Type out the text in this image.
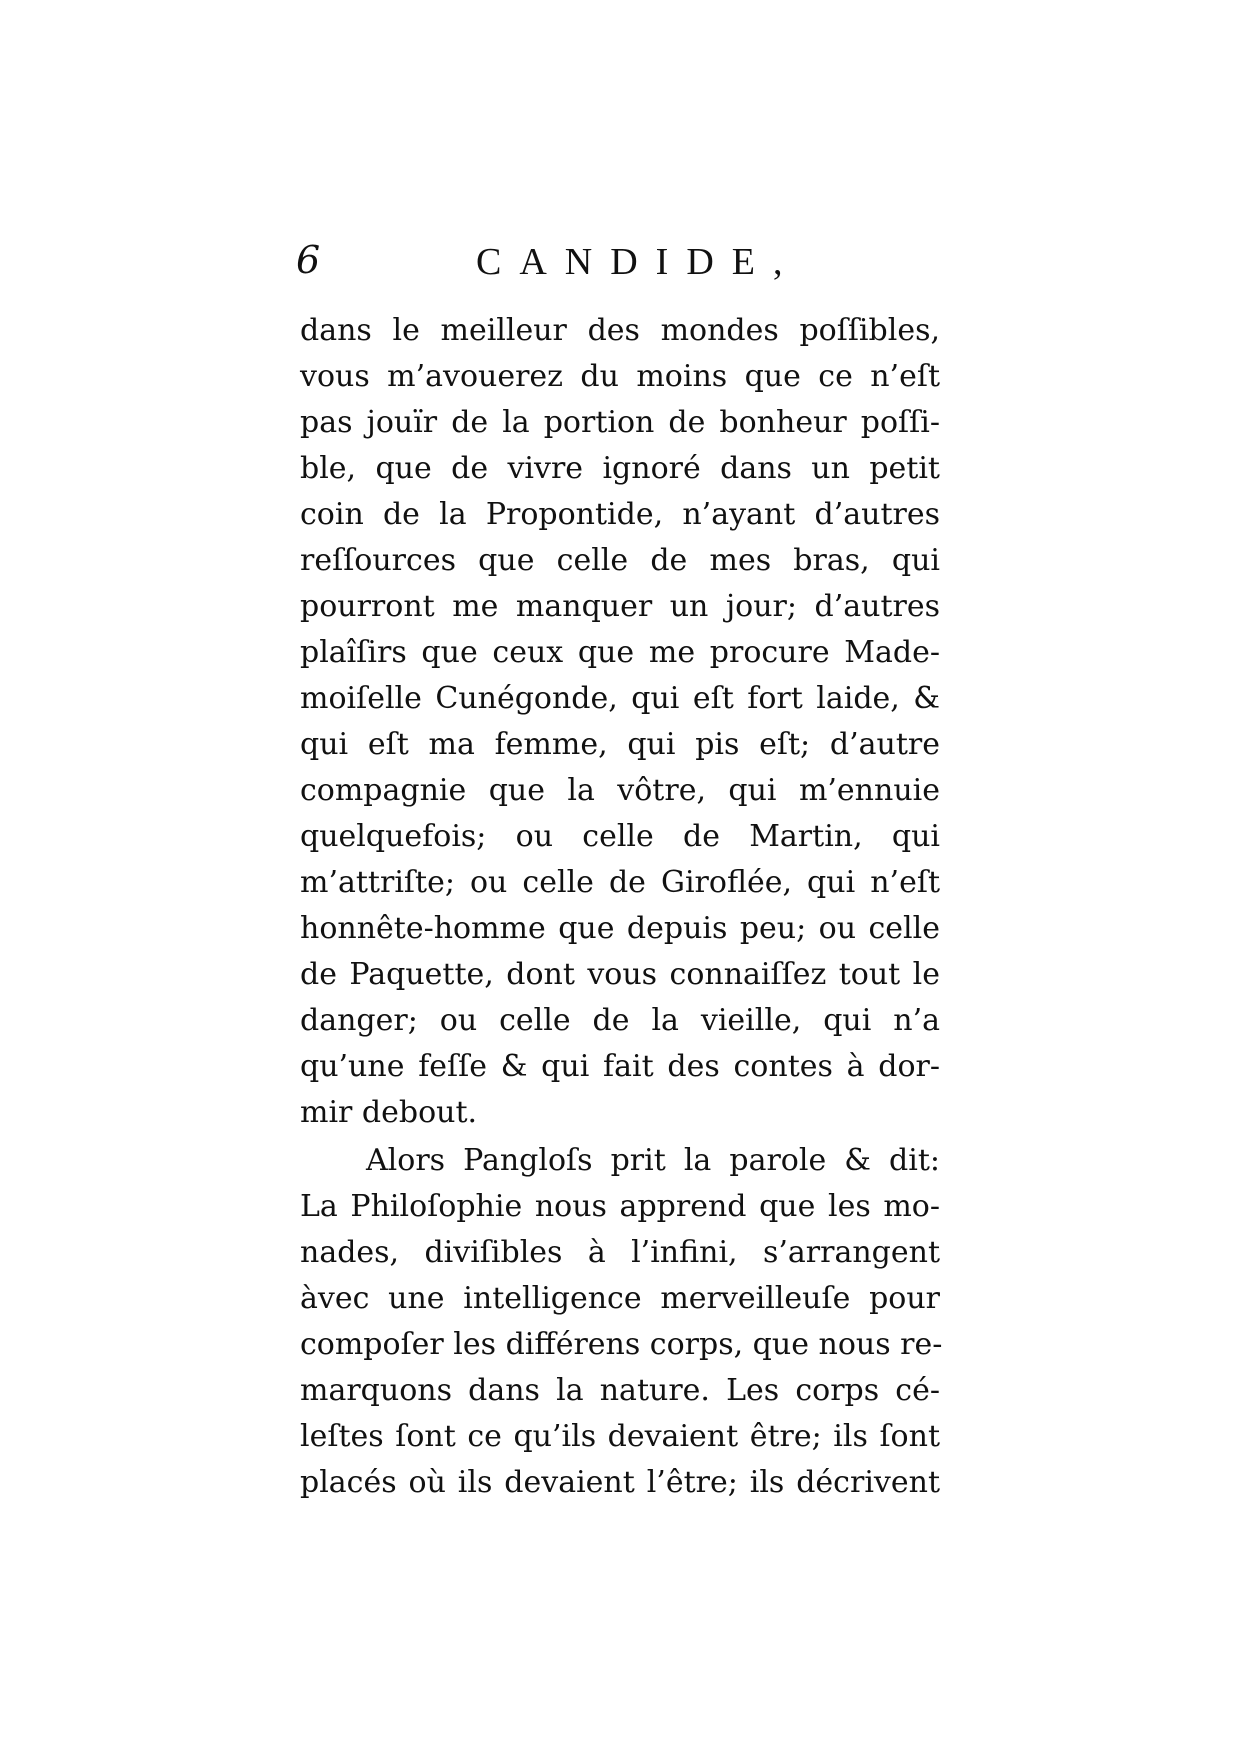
6	CANDIDE,
dans le meilleur des mondes poſſibles,
vous m’avouerez du moins que ce n’eſt
pas jouïr de la portion de bonheur poſſi-
ble, que de vivre ignoré dans un petit
coin de la Propontide, n’ayant d’autres
reſſources que celle de mes bras, qui
pourront me manquer un jour; d’autres
plaîſirs que ceux que me procure Made-
moiſelle Cunégonde, qui eſt fort laide, &
qui eſt ma femme, qui pis eſt; d’autre
compagnie que la vôtre, qui m’ennuie
quelquefois; ou celle de Martin, qui
m’attriſte; ou celle de Giroflée, qui n’eſt
honnête-homme que depuis peu; ou celle
de Paquette, dont vous connaiſſez tout le
danger; ou celle de la vieille, qui n’a
qu’une feſſe & qui fait des contes à dor-
mir debout.
Alors Pangloſs prit la parole & dit:
La Philoſophie nous apprend que les mo-
nades, diviſibles à l’infini, s’arrangent
àvec une intelligence merveilleuſe pour
compoſer les différens corps, que nous re-
marquons dans la nature. Les corps cé-
leſtes ſont ce qu’ils devaient être; ils ſont
placés où ils devaient l’être; ils décrivent
